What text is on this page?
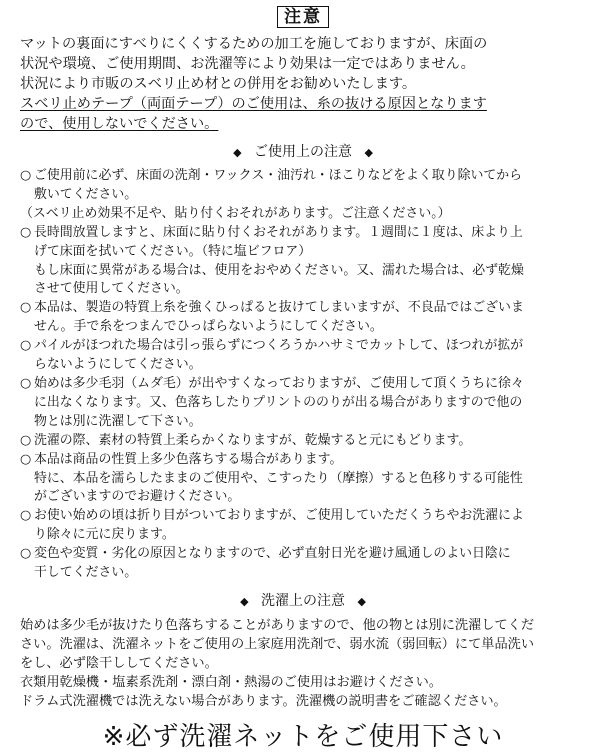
注意
マットの裏面にすべりにくくするための加工を施しておりますが、床面の
状況や環境、ご使用期間、お洗濯等により効果は一定ではありません。
状況により市販のスベリ止め材との併用をお勧めいたします。
スベリ止めテープ（両面テープ）のご使用は、糸の抜ける原因となります
ので、使用しないでください。
◆ ご使用上の注意 ◆
○ ご使用前に必ず、床面の洗剤・ワックス・油汚れ・ほこりなどをよく取り除いてから
敷いてください。
（スベリ止め効果不足や、貼り付くおそれがあります。ご注意ください。）
○ 長時間放置しますと、床面に貼り付くおそれがあります。１週間に１度は、床より上
げて床面を拭いてください。（特に塩ビフロア）
もし床面に異常がある場合は、使用をおやめください。又、濡れた場合は、必ず乾燥
させて使用してください。
○ 本品は、製造の特質上糸を強くひっぱると抜けてしまいますが、不良品ではございま
せん。手で糸をつまんでひっぱらないようにしてください。
○ パイルがほつれた場合は引っ張らずにつくろうかハサミでカットして、ほつれが拡が
らないようにしてください。
○ 始めは多少毛羽（ムダ毛）が出やすくなっておりますが、ご使用して頂くうちに徐々
に出なくなります。又、色落ちしたりプリントののりが出る場合がありますので他の
物とは別に洗濯して下さい。
○ 洗濯の際、素材の特質上柔らかくなりますが、乾燥すると元にもどります。
○ 本品は商品の性質上多少色落ちする場合があります。
特に、本品を濡らしたままのご使用や、こすったり（摩擦）すると色移りする可能性
がございますのでお避けください。
○ お使い始めの頃は折り目がついておりますが、ご使用していただくうちやお洗濯によ
り除々に元に戻ります。
○ 変色や変質・劣化の原因となりますので、必ず直射日光を避け風通しのよい日陰に
干してください。
◆ 洗濯上の注意 ◆
始めは多少毛が抜けたり色落ちすることがありますので、他の物とは別に洗濯してくだ
さい。洗濯は、洗濯ネットをご使用の上家庭用洗剤で、弱水流（弱回転）にて単品洗い
をし、必ず陰干ししてください。
衣類用乾燥機・塩素系洗剤・漂白剤・熱湯のご使用はお避けください。
ドラム式洗濯機では洗えない場合があります。洗濯機の説明書をご確認ください。
※必ず洗濯ネットをご使用下さい
